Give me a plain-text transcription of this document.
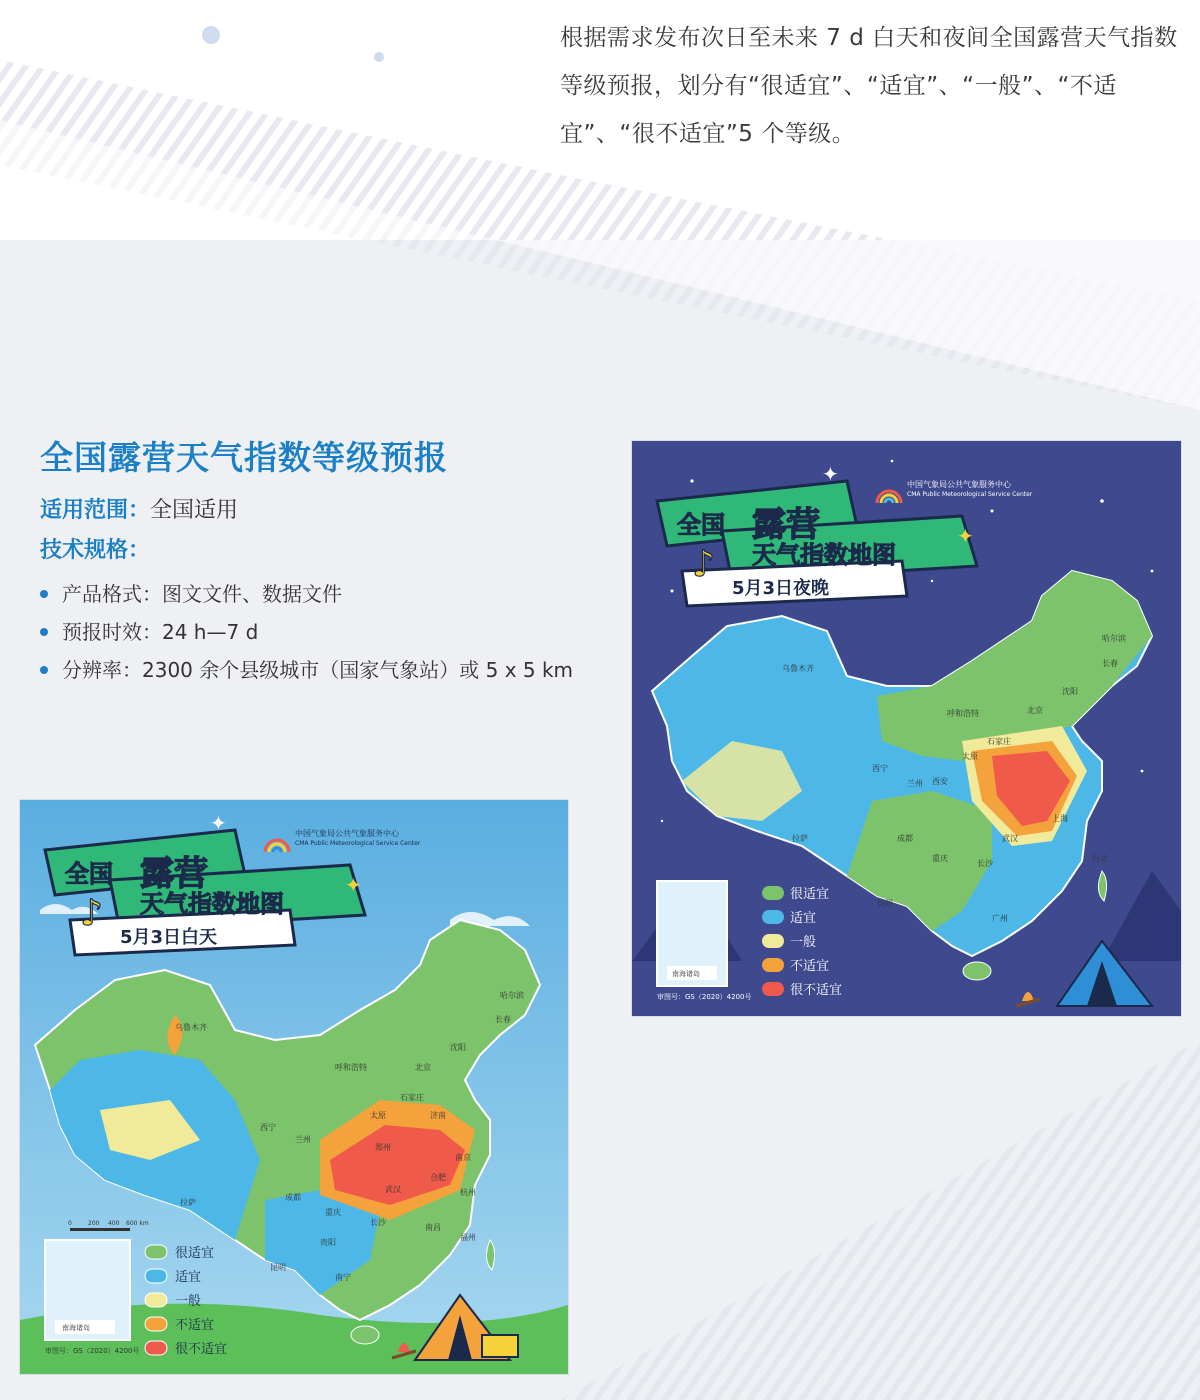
根据需求发布次日至未来 7 d 白天和夜间全国露营天气指数等级预报，划分有“很适宜”、“适宜”、“一般”、“不适宜”、“很不适宜”5 个等级。
全国露营天气指数等级预报
适用范围：全国适用
技术规格：
产品格式：图文文件、数据文件
预报时效：24 h—7 d
分辨率：2300 余个县级城市（国家气象站）或 5 x 5 km	乌鲁木齐
哈尔滨
长春
沈阳
呼和浩特	北京
石家庄
太原
西宁
兰州 西安
上海
武汉
拉萨	成都
重庆
长沙
昆明
广州
台北
全国 露营
天气指数地图
5月3日夜晚
♪
✦
✦
中国气象局公共气象服务中心
CMA Public Meteorological Service Center
南海诸岛
审图号：GS（2020）4200号
很适宜
适宜
一般
不适宜
很不适宜
乌鲁木齐
哈尔滨
长春
沈阳
呼和浩特	北京
石家庄
太原	济南
西宁
兰州
郑州
南京
合肥
武汉	杭州
拉萨
成都
重庆
长沙
南昌
福州
贵阳
昆明
南宁
全国 露营
天气指数地图
5月3日白天
♪
✦
✦
中国气象局公共气象服务中心
CMA Public Meteorological Service Center
0	200 400 600 km
南海诸岛
审图号：GS（2020）4200号
很适宜
适宜
一般
不适宜
很不适宜
